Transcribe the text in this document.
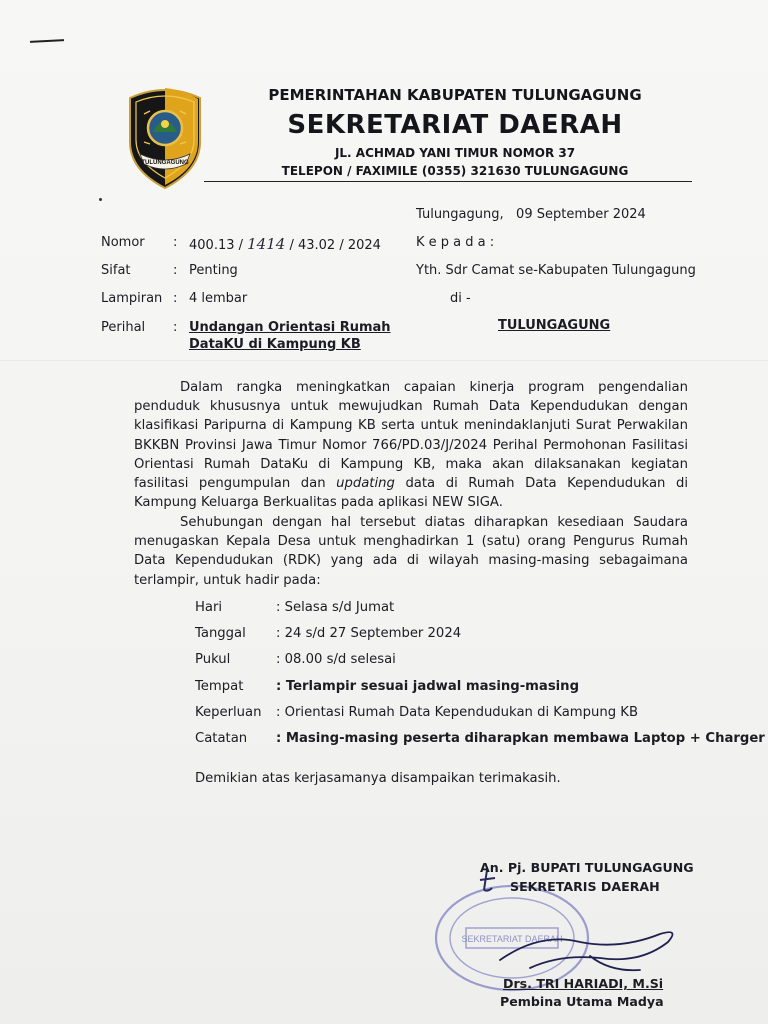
TULUNGAGUNG
PEMERINTAHAN KABUPATEN TULUNGAGUNG
SEKRETARIAT DAERAH
JL. ACHMAD YANI TIMUR NOMOR 37
TELEPON / FAXIMILE (0355) 321630 TULUNGAGUNG
Tulungagung, 09 September 2024
Nomor : 400.13 / 1414 / 43.02 / 2024
Sifat	: Penting
Lampiran : 4 lembar
Perihal : Undangan Orientasi Rumah
DataKU di Kampung KB
K e p a d a :
Yth. Sdr Camat se-Kabupaten Tulungagung
di -
TULUNGAGUNG
Dalam rangka meningkatkan capaian kinerja program pengendalian penduduk khususnya untuk mewujudkan Rumah Data Kependudukan dengan klasifikasi Paripurna di Kampung KB serta untuk menindaklanjuti Surat Perwakilan BKKBN Provinsi Jawa Timur Nomor 766/PD.03/J/2024 Perihal Permohonan Fasilitasi Orientasi Rumah DataKu di Kampung KB, maka akan dilaksanakan kegiatan fasilitasi pengumpulan dan updating data di Rumah Data Kependudukan di Kampung Keluarga Berkualitas pada aplikasi NEW SIGA.
Sehubungan dengan hal tersebut diatas diharapkan kesediaan Saudara menugaskan Kepala Desa untuk menghadirkan 1 (satu) orang Pengurus Rumah Data Kependudukan (RDK) yang ada di wilayah masing-masing sebagaimana terlampir, untuk hadir pada:
Hari	: Selasa s/d Jumat
Tanggal	: 24 s/d 27 September 2024
Pukul	: 08.00 s/d selesai
Tempat	: Terlampir sesuai jadwal masing-masing
Keperluan	: Orientasi Rumah Data Kependudukan di Kampung KB
Catatan	: Masing-masing peserta diharapkan membawa Laptop + Charger
Demikian atas kerjasamanya disampaikan terimakasih.
SEKRETARIAT DAERAH
An. Pj. BUPATI TULUNGAGUNG
SEKRETARIS DAERAH
Drs. TRI HARIADI, M.Si
Pembina Utama Madya
